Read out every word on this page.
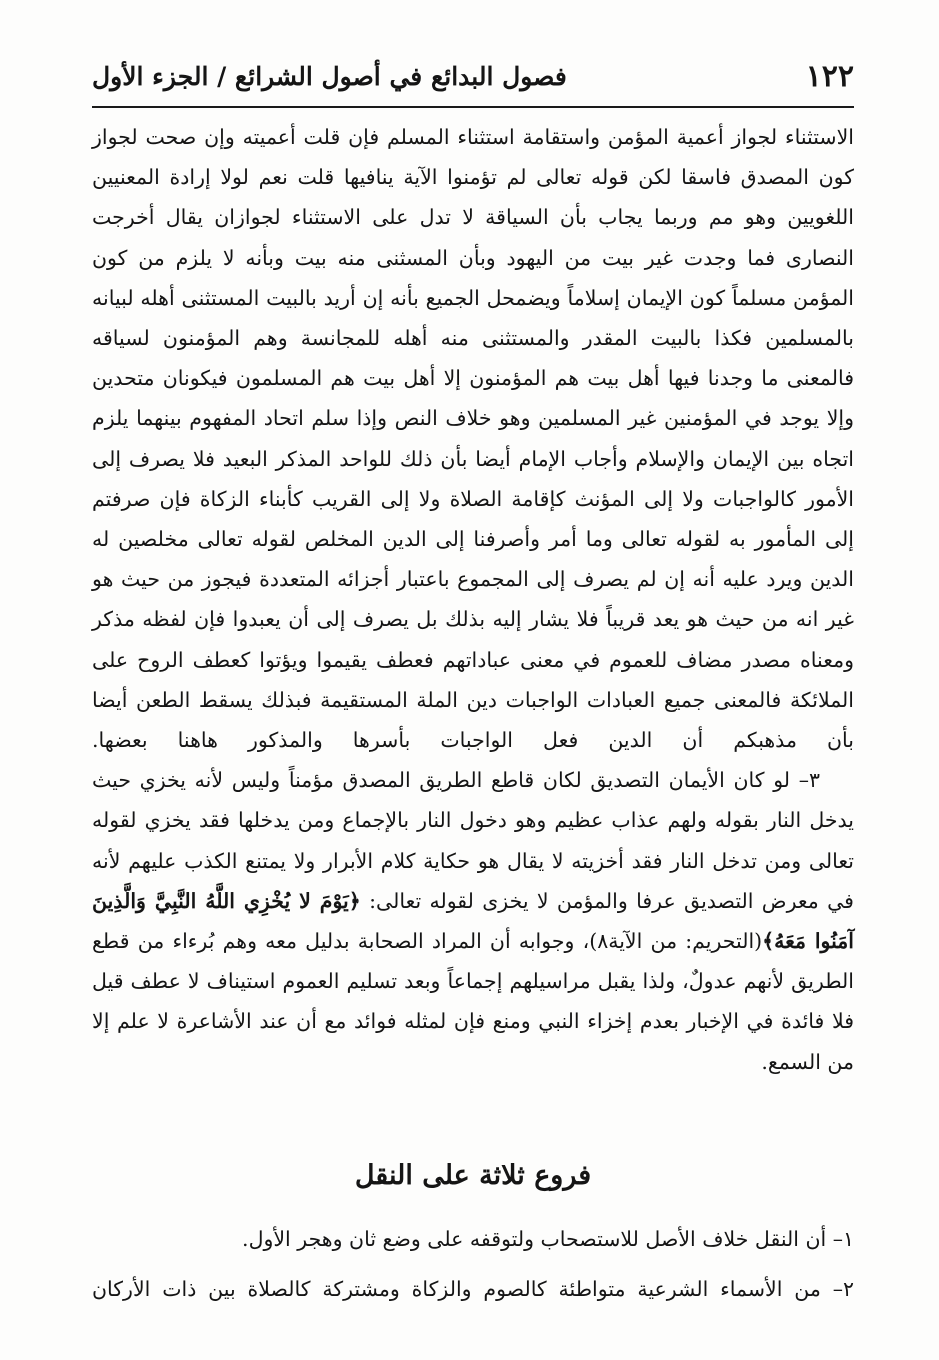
١٢٢
فصول البدائع في أصول الشرائع / الجزء الأول

الاستثناء لجواز أعمية المؤمن واستقامة استثناء المسلم فإن قلت أعميته وإن صحت لجواز كون المصدق فاسقا لكن قوله تعالى لم تؤمنوا الآية ينافيها قلت نعم لولا إرادة المعنيين اللغويين وهو مم وربما يجاب بأن السياقة لا تدل على الاستثناء لجوازان يقال أخرجت النصارى فما وجدت غير بيت من اليهود وبأن المسثنى منه بيت وبأنه لا يلزم من كون المؤمن مسلماً كون الإيمان إسلاماً ويضمحل الجميع بأنه إن أريد بالبيت المستثنى أهله لبيانه بالمسلمين فكذا بالبيت المقدر والمستثنى منه أهله للمجانسة وهم المؤمنون لسياقه فالمعنى ما وجدنا فيها أهل بيت هم المؤمنون إلا أهل بيت هم المسلمون فيكونان متحدين وإلا يوجد في المؤمنين غير المسلمين وهو خلاف النص وإذا سلم اتحاد المفهوم بينهما يلزم اتجاه بين الإيمان والإسلام وأجاب الإمام أيضا بأن ذلك للواحد المذكر البعيد فلا يصرف إلى الأمور كالواجبات ولا إلى المؤنث كإقامة الصلاة ولا إلى القريب كأبناء الزكاة فإن صرفتم إلى المأمور به لقوله تعالى وما أمر وأصرفنا إلى الدين المخلص لقوله تعالى مخلصين له الدين ويرد عليه أنه إن لم يصرف إلى المجموع باعتبار أجزائه المتعددة فيجوز من حيث هو غير انه من حيث هو يعد قريباً فلا يشار إليه بذلك بل يصرف إلى أن يعبدوا فإن لفظه مذكر ومعناه مصدر مضاف للعموم في معنى عباداتهم فعطف يقيموا ويؤتوا كعطف الروح على الملائكة فالمعنى جميع العبادات الواجبات دين الملة المستقيمة فبذلك يسقط الطعن أيضا بأن مذهبكم أن الدين فعل الواجبات بأسرها والمذكور هاهنا بعضها.

٣– لو كان الأيمان التصديق لكان قاطع الطريق المصدق مؤمناً وليس لأنه يخزي حيث يدخل النار بقوله ولهم عذاب عظيم وهو دخول النار بالإجماع ومن يدخلها فقد يخزي لقوله تعالى ومن تدخل النار فقد أخزيته لا يقال هو حكاية كلام الأبرار ولا يمتنع الكذب عليهم لأنه في معرض التصديق عرفا والمؤمن لا يخزى لقوله تعالى: ﴿يَوْمَ لا يُخْزِي اللَّهُ النَّبِيَّ وَالَّذِينَ آمَنُوا مَعَهُ﴾(التحريم: من الآية٨)، وجوابه أن المراد الصحابة بدليل معه وهم بُرءاء من قطع الطريق لأنهم عدولٌ، ولذا يقبل مراسيلهم إجماعاً وبعد تسليم العموم استيناف لا عطف قيل فلا فائدة في الإخبار بعدم إخزاء النبي ومنع فإن لمثله فوائد مع أن عند الأشاعرة لا علم إلا من السمع.

فروع ثلاثة على النقل

١– أن النقل خلاف الأصل للاستصحاب ولتوقفه على وضع ثان وهجر الأول.

٢– من الأسماء الشرعية متواطئة كالصوم والزكاة ومشتركة كالصلاة بين ذات الأركان
